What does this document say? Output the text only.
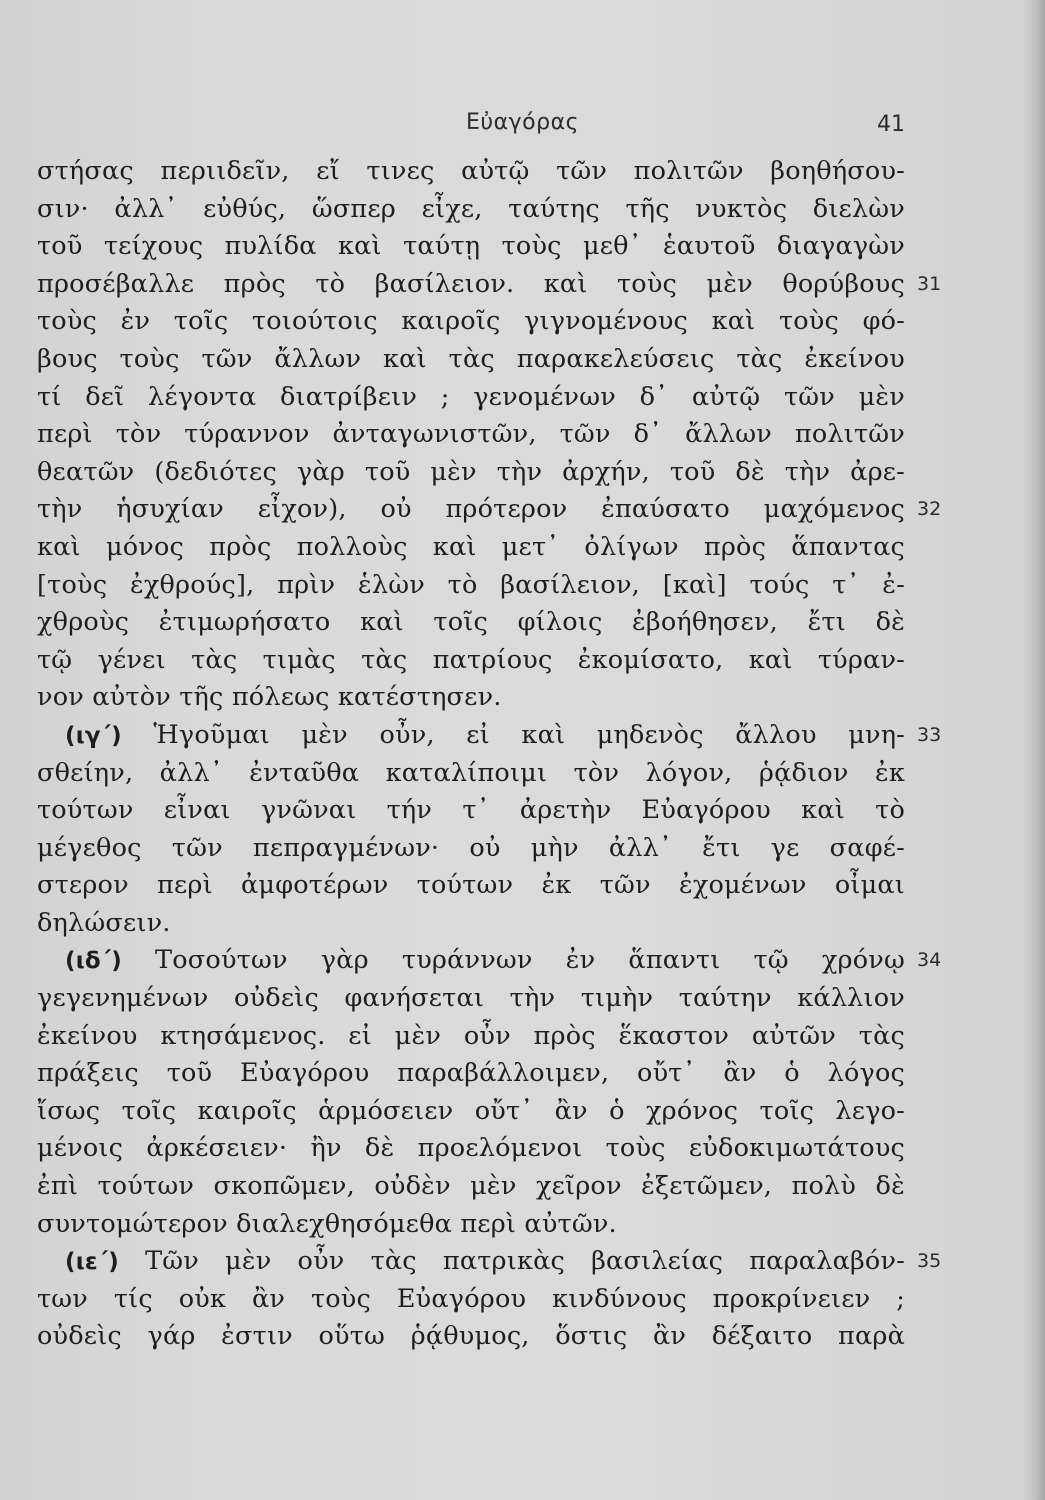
Εὐαγόρας	41
στήσας περιιδεῖν, εἴ τινες αὐτῷ τῶν πολιτῶν βοηθήσου-
σιν· ἀλλ᾽ εὐθύς, ὥσπερ εἶχε, ταύτης τῆς νυκτὸς διελὼν
τοῦ τείχους πυλίδα καὶ ταύτῃ τοὺς μεθ᾽ ἑαυτοῦ διαγαγὼν
προσέβαλλε πρὸς τὸ βασίλειον. καὶ τοὺς μὲν θορύβους 31
τοὺς ἐν τοῖς τοιούτοις καιροῖς γιγνομένους καὶ τοὺς φό-
βους τοὺς τῶν ἄλλων καὶ τὰς παρακελεύσεις τὰς ἐκείνου
τί δεῖ λέγοντα διατρίβειν ; γενομένων δ᾽ αὐτῷ τῶν μὲν
περὶ τὸν τύραννον ἀνταγωνιστῶν, τῶν δ᾽ ἄλλων πολιτῶν
θεατῶν (δεδιότες γὰρ τοῦ μὲν τὴν ἀρχήν, τοῦ δὲ τὴν ἀρε-
τὴν ἡσυχίαν εἶχον), οὐ πρότερον ἐπαύσατο μαχόμενος 32
καὶ μόνος πρὸς πολλοὺς καὶ μετ᾽ ὀλίγων πρὸς ἅπαντας
[τοὺς ἐχθρούς], πρὶν ἑλὼν τὸ βασίλειον, [καὶ] τούς τ᾽ ἐ-
χθροὺς ἐτιμωρήσατο καὶ τοῖς φίλοις ἐβοήθησεν, ἔτι δὲ
τῷ γένει τὰς τιμὰς τὰς πατρίους ἐκομίσατο, καὶ τύραν-
νον αὐτὸν τῆς πόλεως κατέστησεν.
(ιγ΄) Ἡγοῦμαι μὲν οὖν, εἰ καὶ μηδενὸς ἄλλου μνη- 33
σθείην, ἀλλ᾽ ἐνταῦθα καταλίποιμι τὸν λόγον, ῥᾴδιον ἐκ
τούτων εἶναι γνῶναι τήν τ᾽ ἀρετὴν Εὐαγόρου καὶ τὸ
μέγεθος τῶν πεπραγμένων· οὐ μὴν ἀλλ᾽ ἔτι γε σαφέ-
στερον περὶ ἀμφοτέρων τούτων ἐκ τῶν ἐχομένων οἶμαι
δηλώσειν.
(ιδ΄) Τοσούτων γὰρ τυράννων ἐν ἅπαντι τῷ χρόνῳ 34
γεγενημένων οὐδεὶς φανήσεται τὴν τιμὴν ταύτην κάλλιον
ἐκείνου κτησάμενος. εἰ μὲν οὖν πρὸς ἕκαστον αὐτῶν τὰς
πράξεις τοῦ Εὐαγόρου παραβάλλοιμεν, οὔτ᾽ ἂν ὁ λόγος
ἴσως τοῖς καιροῖς ἁρμόσειεν οὔτ᾽ ἂν ὁ χρόνος τοῖς λεγο-
μένοις ἀρκέσειεν· ἢν δὲ προελόμενοι τοὺς εὐδοκιμωτάτους
ἐπὶ τούτων σκοπῶμεν, οὐδὲν μὲν χεῖρον ἐξετῶμεν, πολὺ δὲ
συντομώτερον διαλεχθησόμεθα περὶ αὐτῶν.
(ιε΄) Τῶν μὲν οὖν τὰς πατρικὰς βασιλείας παραλαβόν- 35
των τίς οὐκ ἂν τοὺς Εὐαγόρου κινδύνους προκρίνειεν ;
οὐδεὶς γάρ ἐστιν οὕτω ῥᾴθυμος, ὅστις ἂν δέξαιτο παρὰ
